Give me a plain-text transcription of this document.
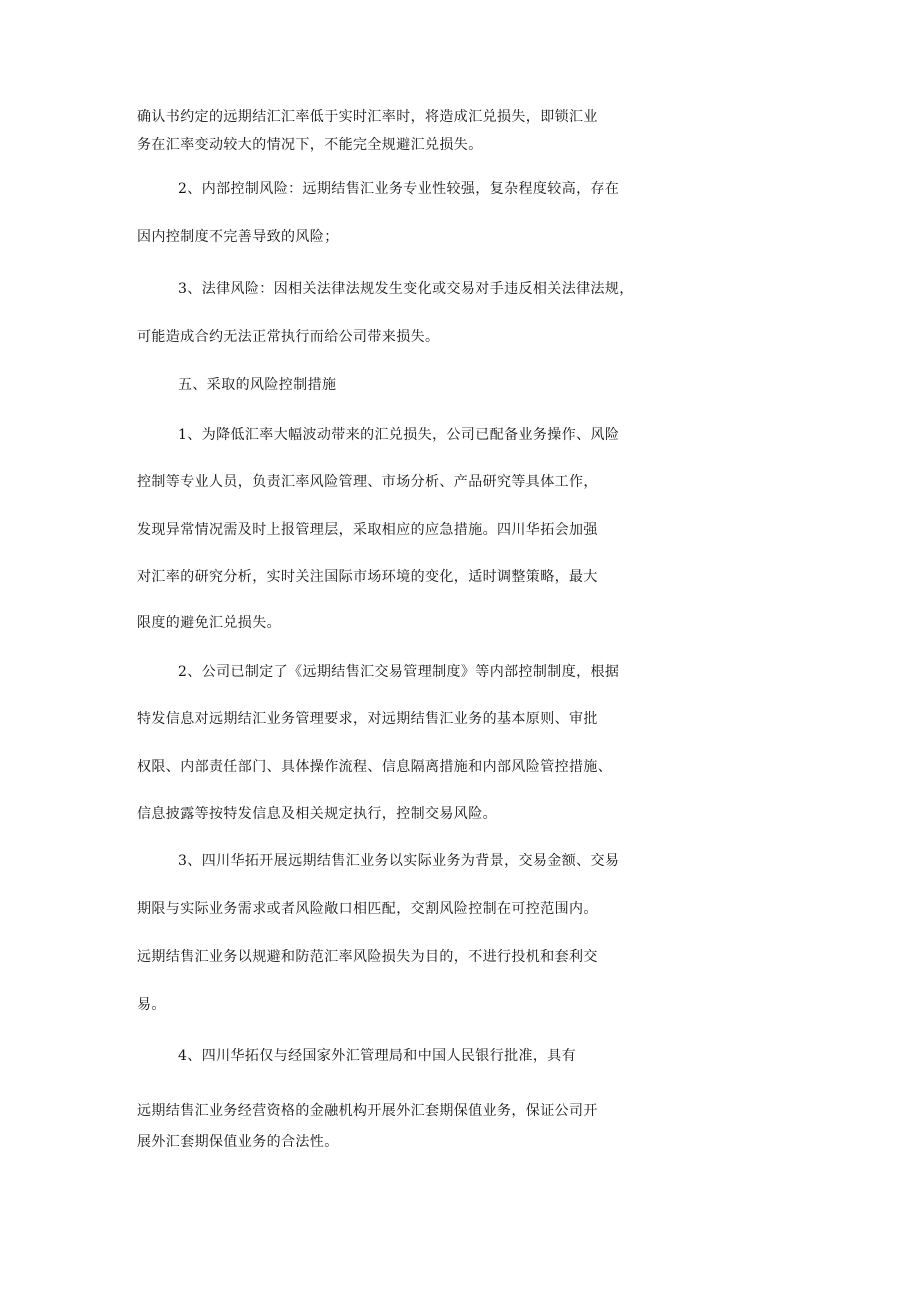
确认书约定的远期结汇汇率低于实时汇率时，将造成汇兑损失，即锁汇业
务在汇率变动较大的情况下，不能完全规避汇兑损失。
2、内部控制风险：远期结售汇业务专业性较强，复杂程度较高，存在
因内控制度不完善导致的风险；
3、法律风险：因相关法律法规发生变化或交易对手违反相关法律法规，
可能造成合约无法正常执行而给公司带来损失。
五、采取的风险控制措施
1、为降低汇率大幅波动带来的汇兑损失，公司已配备业务操作、风险
控制等专业人员，负责汇率风险管理、市场分析、产品研究等具体工作，
发现异常情况需及时上报管理层，采取相应的应急措施。四川华拓会加强
对汇率的研究分析，实时关注国际市场环境的变化，适时调整策略，最大
限度的避免汇兑损失。
2、公司已制定了《远期结售汇交易管理制度》等内部控制制度，根据
特发信息对远期结汇业务管理要求，对远期结售汇业务的基本原则、审批
权限、内部责任部门、具体操作流程、信息隔离措施和内部风险管控措施、
信息披露等按特发信息及相关规定执行，控制交易风险。
3、四川华拓开展远期结售汇业务以实际业务为背景，交易金额、交易
期限与实际业务需求或者风险敞口相匹配，交割风险控制在可控范围内。
远期结售汇业务以规避和防范汇率风险损失为目的，不进行投机和套利交
易。
4、四川华拓仅与经国家外汇管理局和中国人民银行批准，具有
远期结售汇业务经营资格的金融机构开展外汇套期保值业务，保证公司开
展外汇套期保值业务的合法性。
